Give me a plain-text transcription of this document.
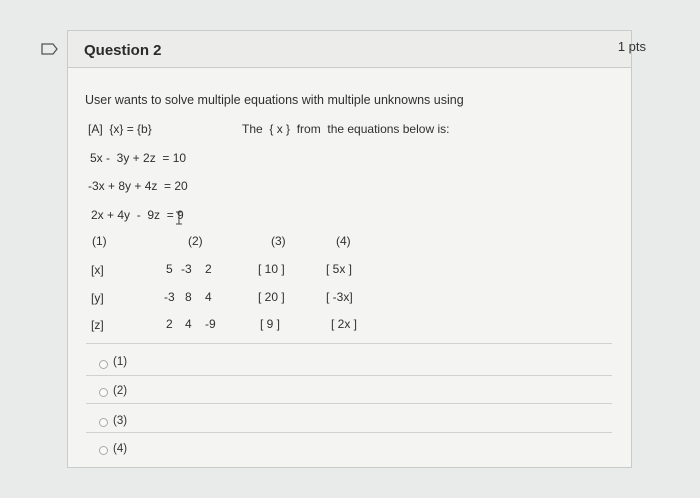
Question 2	1 pts
User wants to solve multiple equations with multiple unknowns using
[A]  {x} = {b}	The  { x }  from  the equations below is:
5x -  3y + 2z  = 10
-3x + 8y + 4z  = 20
2x + 4y  -  9z  = 9
(1)	(2)	(3)	(4)
[x]	5 -3 2	[ 10 ]	[ 5x ]
[y]	-3 8 4	[ 20 ]	[ -3x]
[z]	2 4 -9	[ 9 ]	[ 2x ]
(1)
(2)
(3)
(4)
